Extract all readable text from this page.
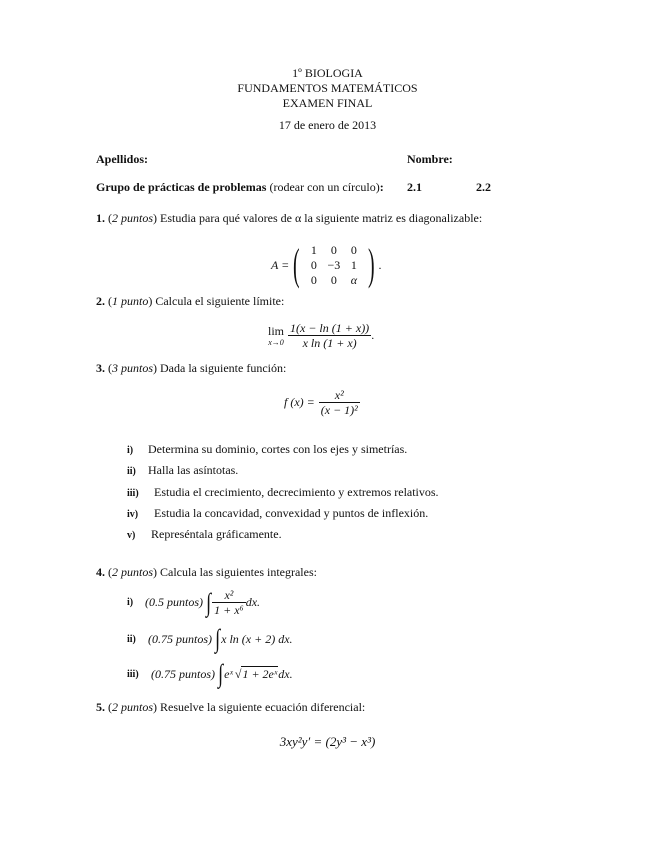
1º BIOLOGIA
FUNDAMENTOS MATEMÁTICOS
EXAMEN FINAL
17 de enero de 2013
Apellidos:	Nombre:
Grupo de prácticas de problemas (rodear con un círculo): 2.1	2.2
1. (2 puntos) Estudia para qué valores de α la siguiente matriz es diagonalizable:
A = ( 1	0	0
0 −3 1
0	0	α ) .
2. (1 punto) Calcula el siguiente límite:
lim
$x\to 0 \frac{1(x - \ln (1 + x))}{\text{x ln (1 + x)}}$ .
3. (3 puntos) Dada la siguiente función:
f $(x) = \frac{\text{x²}}{\text{(x − 1)²}}$
i) Determina su dominio, cortes con los ejes y simetrías.
ii) Halla las asíntotas.
iii) Estudia el crecimiento, decrecimiento y extremos relativos.
iv) Estudia la concavidad, convexidad y puntos de inflexión.
v) Represéntala gráficamente.
4. (2 puntos) Calcula las siguientes integrales:
i) (0.5 puntos) ∫ $\frac{\text{x²}}{\text{1 + x⁶}}$ dx.
ii)	(0.75 puntos) ∫ x ln (x + 2) dx.
iii)	(0.75 puntos) ∫ eˣ √ 1 + 2eˣ dx.
5. (2 puntos) Resuelve la siguiente ecuación diferencial:
3xy²y′ = (2y³ − x³)
